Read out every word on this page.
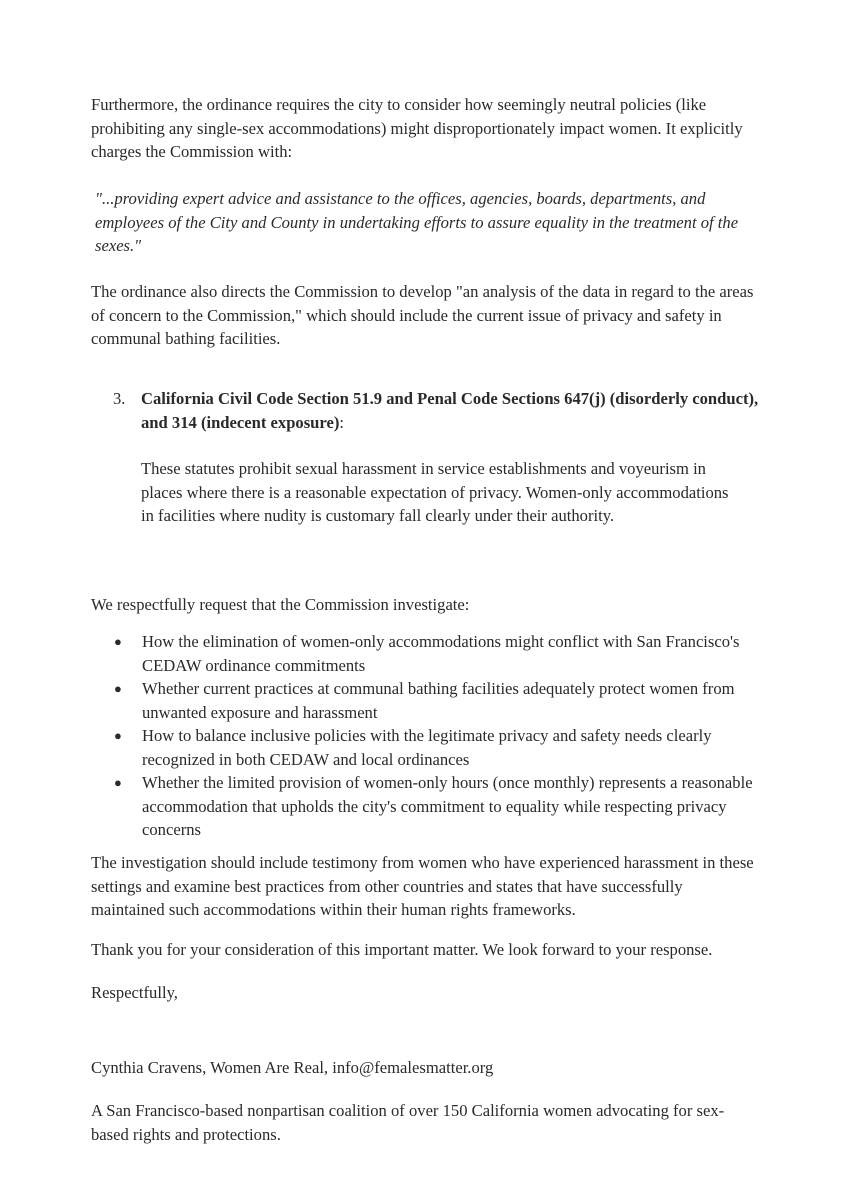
Furthermore, the ordinance requires the city to consider how seemingly neutral policies (like prohibiting any single-sex accommodations) might disproportionately impact women. It explicitly charges the Commission with:

"...providing expert advice and assistance to the offices, agencies, boards, departments, and employees of the City and County in undertaking efforts to assure equality in the treatment of the sexes."

The ordinance also directs the Commission to develop "an analysis of the data in regard to the areas of concern to the Commission," which should include the current issue of privacy and safety in communal bathing facilities.

3. California Civil Code Section 51.9 and Penal Code Sections 647(j) (disorderly conduct), and 314 (indecent exposure):

These statutes prohibit sexual harassment in service establishments and voyeurism in places where there is a reasonable expectation of privacy. Women-only accommodations in facilities where nudity is customary fall clearly under their authority.

We respectfully request that the Commission investigate:

● How the elimination of women-only accommodations might conflict with San Francisco's CEDAW ordinance commitments
● Whether current practices at communal bathing facilities adequately protect women from unwanted exposure and harassment
● How to balance inclusive policies with the legitimate privacy and safety needs clearly recognized in both CEDAW and local ordinances
● Whether the limited provision of women-only hours (once monthly) represents a reasonable accommodation that upholds the city's commitment to equality while respecting privacy concerns

The investigation should include testimony from women who have experienced harassment in these settings and examine best practices from other countries and states that have successfully maintained such accommodations within their human rights frameworks.

Thank you for your consideration of this important matter. We look forward to your response.

Respectfully,

Cynthia Cravens, Women Are Real, info@femalesmatter.org

A San Francisco-based nonpartisan coalition of over 150 California women advocating for sex-based rights and protections.
